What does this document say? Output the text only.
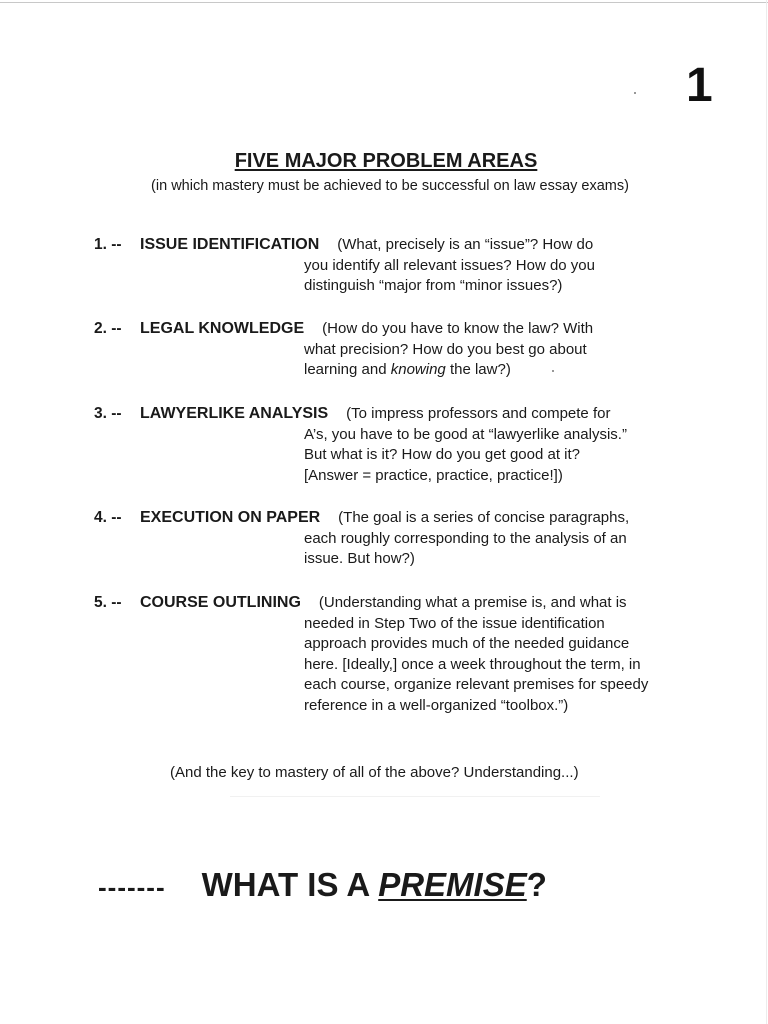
1
FIVE MAJOR PROBLEM AREAS
(in which mastery must be achieved to be successful on law essay exams)
1. --	ISSUE IDENTIFICATION (What, precisely is an “issue”? How do
you identify all relevant issues? How do you
distinguish “major from “minor issues?)
2. --	LEGAL KNOWLEDGE (How do you have to know the law? With
what precision? How do you best go about
learning and knowing the law?)
3. --	LAWYERLIKE ANALYSIS (To impress professors and compete for
A’s, you have to be good at “lawyerlike analysis.”
But what is it? How do you get good at it?
[Answer = practice, practice, practice!])
4. --	EXECUTION ON PAPER (The goal is a series of concise paragraphs,
each roughly corresponding to the analysis of an
issue. But how?)
5. --	COURSE OUTLINING (Understanding what a premise is, and what is
needed in Step Two of the issue identification
approach provides much of the needed guidance
here. [Ideally,] once a week throughout the term, in
each course, organize relevant premises for speedy
reference in a well-organized “toolbox.”)
(And the key to mastery of all of the above? Understanding...)
------- WHAT IS A PREMISE?
